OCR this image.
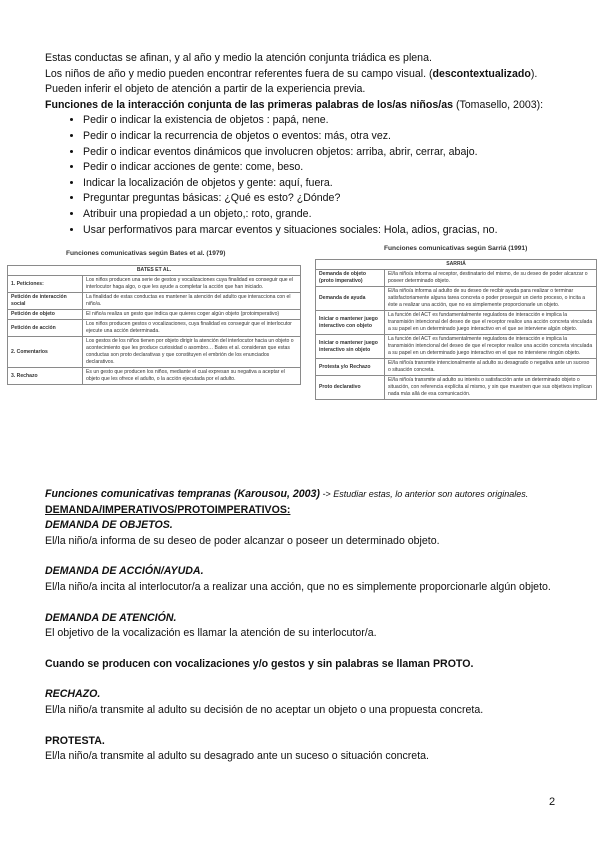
Estas conductas se afinan, y al año y medio la atención conjunta triádica es plena.

Los niños de año y medio pueden encontrar referentes fuera de su campo visual. (descontextualizado).

Pueden inferir el objeto de atención a partir de la experiencia previa.

Funciones de la interacción conjunta de las primeras palabras de los/as niños/as (Tomasello, 2003):

• Pedir o indicar la existencia de objetos : papá, nene.
• Pedir o indicar la recurrencia de objetos o eventos: más, otra vez.
• Pedir o indicar eventos dinámicos que involucren objetos: arriba, abrir, cerrar, abajo.
• Pedir o indicar acciones de gente: come, beso.
• Indicar la localización de objetos y gente: aquí, fuera.
• Preguntar preguntas básicas: ¿Qué es esto? ¿Dónde?
• Atribuir una propiedad a un objeto,: roto, grande.
• Usar performativos para marcar eventos y situaciones sociales: Hola, adios, gracias, no.
Funciones comunicativas según Bates et al. (1979)
BATES ET AL.	
1. Peticiones:	Los niños producen una serie de gestos y vocalizaciones cuya finalidad es conseguir que el interlocutor haga algo, o que les ayude a completar la acción que han iniciado.
Petición de interacción social	La finalidad de estas conductas es mantener la atención del adulto que interacciona con el niño/a.
Petición de objeto	El niño/a realiza un gesto que indica que quieres coger algún objeto (protoimperativo)
Petición de acción	Los niños producen gestos o vocalizaciones, cuya finalidad es conseguir que el interlocutor ejecute una acción determinada.
2. Comentarios	Los gestos de los niños tienen por objeto dirigir la atención del interlocutor hacia un objeto o acontecimiento que les produce curiosidad o asombro… Bates et al. consideran que estas conductas son proto declarativas y que constituyen el embrión de los enunciados declarativos.
3. Rechazo	Es un gesto que producen los niños, mediante el cual expresan su negativa a aceptar el objeto que les ofrece el adulto, o la acción ejecutada por el adulto.
Funciones comunicativas según Sarriá (1991)
SARRIÁ	
Demanda de objeto (proto imperativo)	El/la niño/a informa al receptor, destinatario del mismo, de su deseo de poder alcanzar o poseer determinado objeto.
Demanda de ayuda	El/la niño/a informa al adulto de su deseo de recibir ayuda para realizar o terminar satisfactoriamente alguna tarea concreta o poder proseguir un cierto proceso, o incita a éste a realizar una acción, que no es simplemente proporcionarle un objeto.
Iniciar o mantener juego interactivo con objeto	La función del ACT es fundamentalmente reguladora de interacción e implica la transmisión intencional del deseo de que el receptor realice una acción concreta vinculada a su papel en un determinado juego interactivo en el que se interviene algún objeto.
Iniciar o mantener juego interactivo sin objeto	La función del ACT es fundamentalmente reguladora de interacción e implica la transmisión intencional del deseo de que el receptor realice una acción concreta vinculada a su papel en un determinado juego interactivo en el que no interviene ningún objeto.
Protesta y/o Rechazo	El/la niño/a transmite intencionalmente al adulto su desagrado o negativa ante un suceso o situación concreta.
Proto declarativo	El/la niño/a transmite al adulto su interés o satisfacción ante un determinado objeto o situación, con referencia explícita al mismo, y sin que muestren que sus objetivos implican nada más allá de esa comunicación.

Funciones comunicativas tempranas (Karousou, 2003) -> Estudiar estas, lo anterior son autores originales.

DEMANDA/IMPERATIVOS/PROTOIMPERATIVOS:

DEMANDA DE OBJETOS.

El/la niño/a informa de su deseo de poder alcanzar o poseer un determinado objeto.

DEMANDA DE ACCIÓN/AYUDA.

El/la niño/a incita al interlocutor/a a realizar una acción, que no es simplemente proporcionarle algún objeto.

DEMANDA DE ATENCIÓN.

El objetivo de la vocalización es llamar la atención de su interlocutor/a.

Cuando se producen con vocalizaciones y/o gestos y sin palabras se llaman PROTO.

RECHAZO.

El/la niño/a transmite al adulto su decisión de no aceptar un objeto o una propuesta concreta.

PROTESTA.

El/la niño/a transmite al adulto su desagrado ante un suceso o situación concreta.

2
